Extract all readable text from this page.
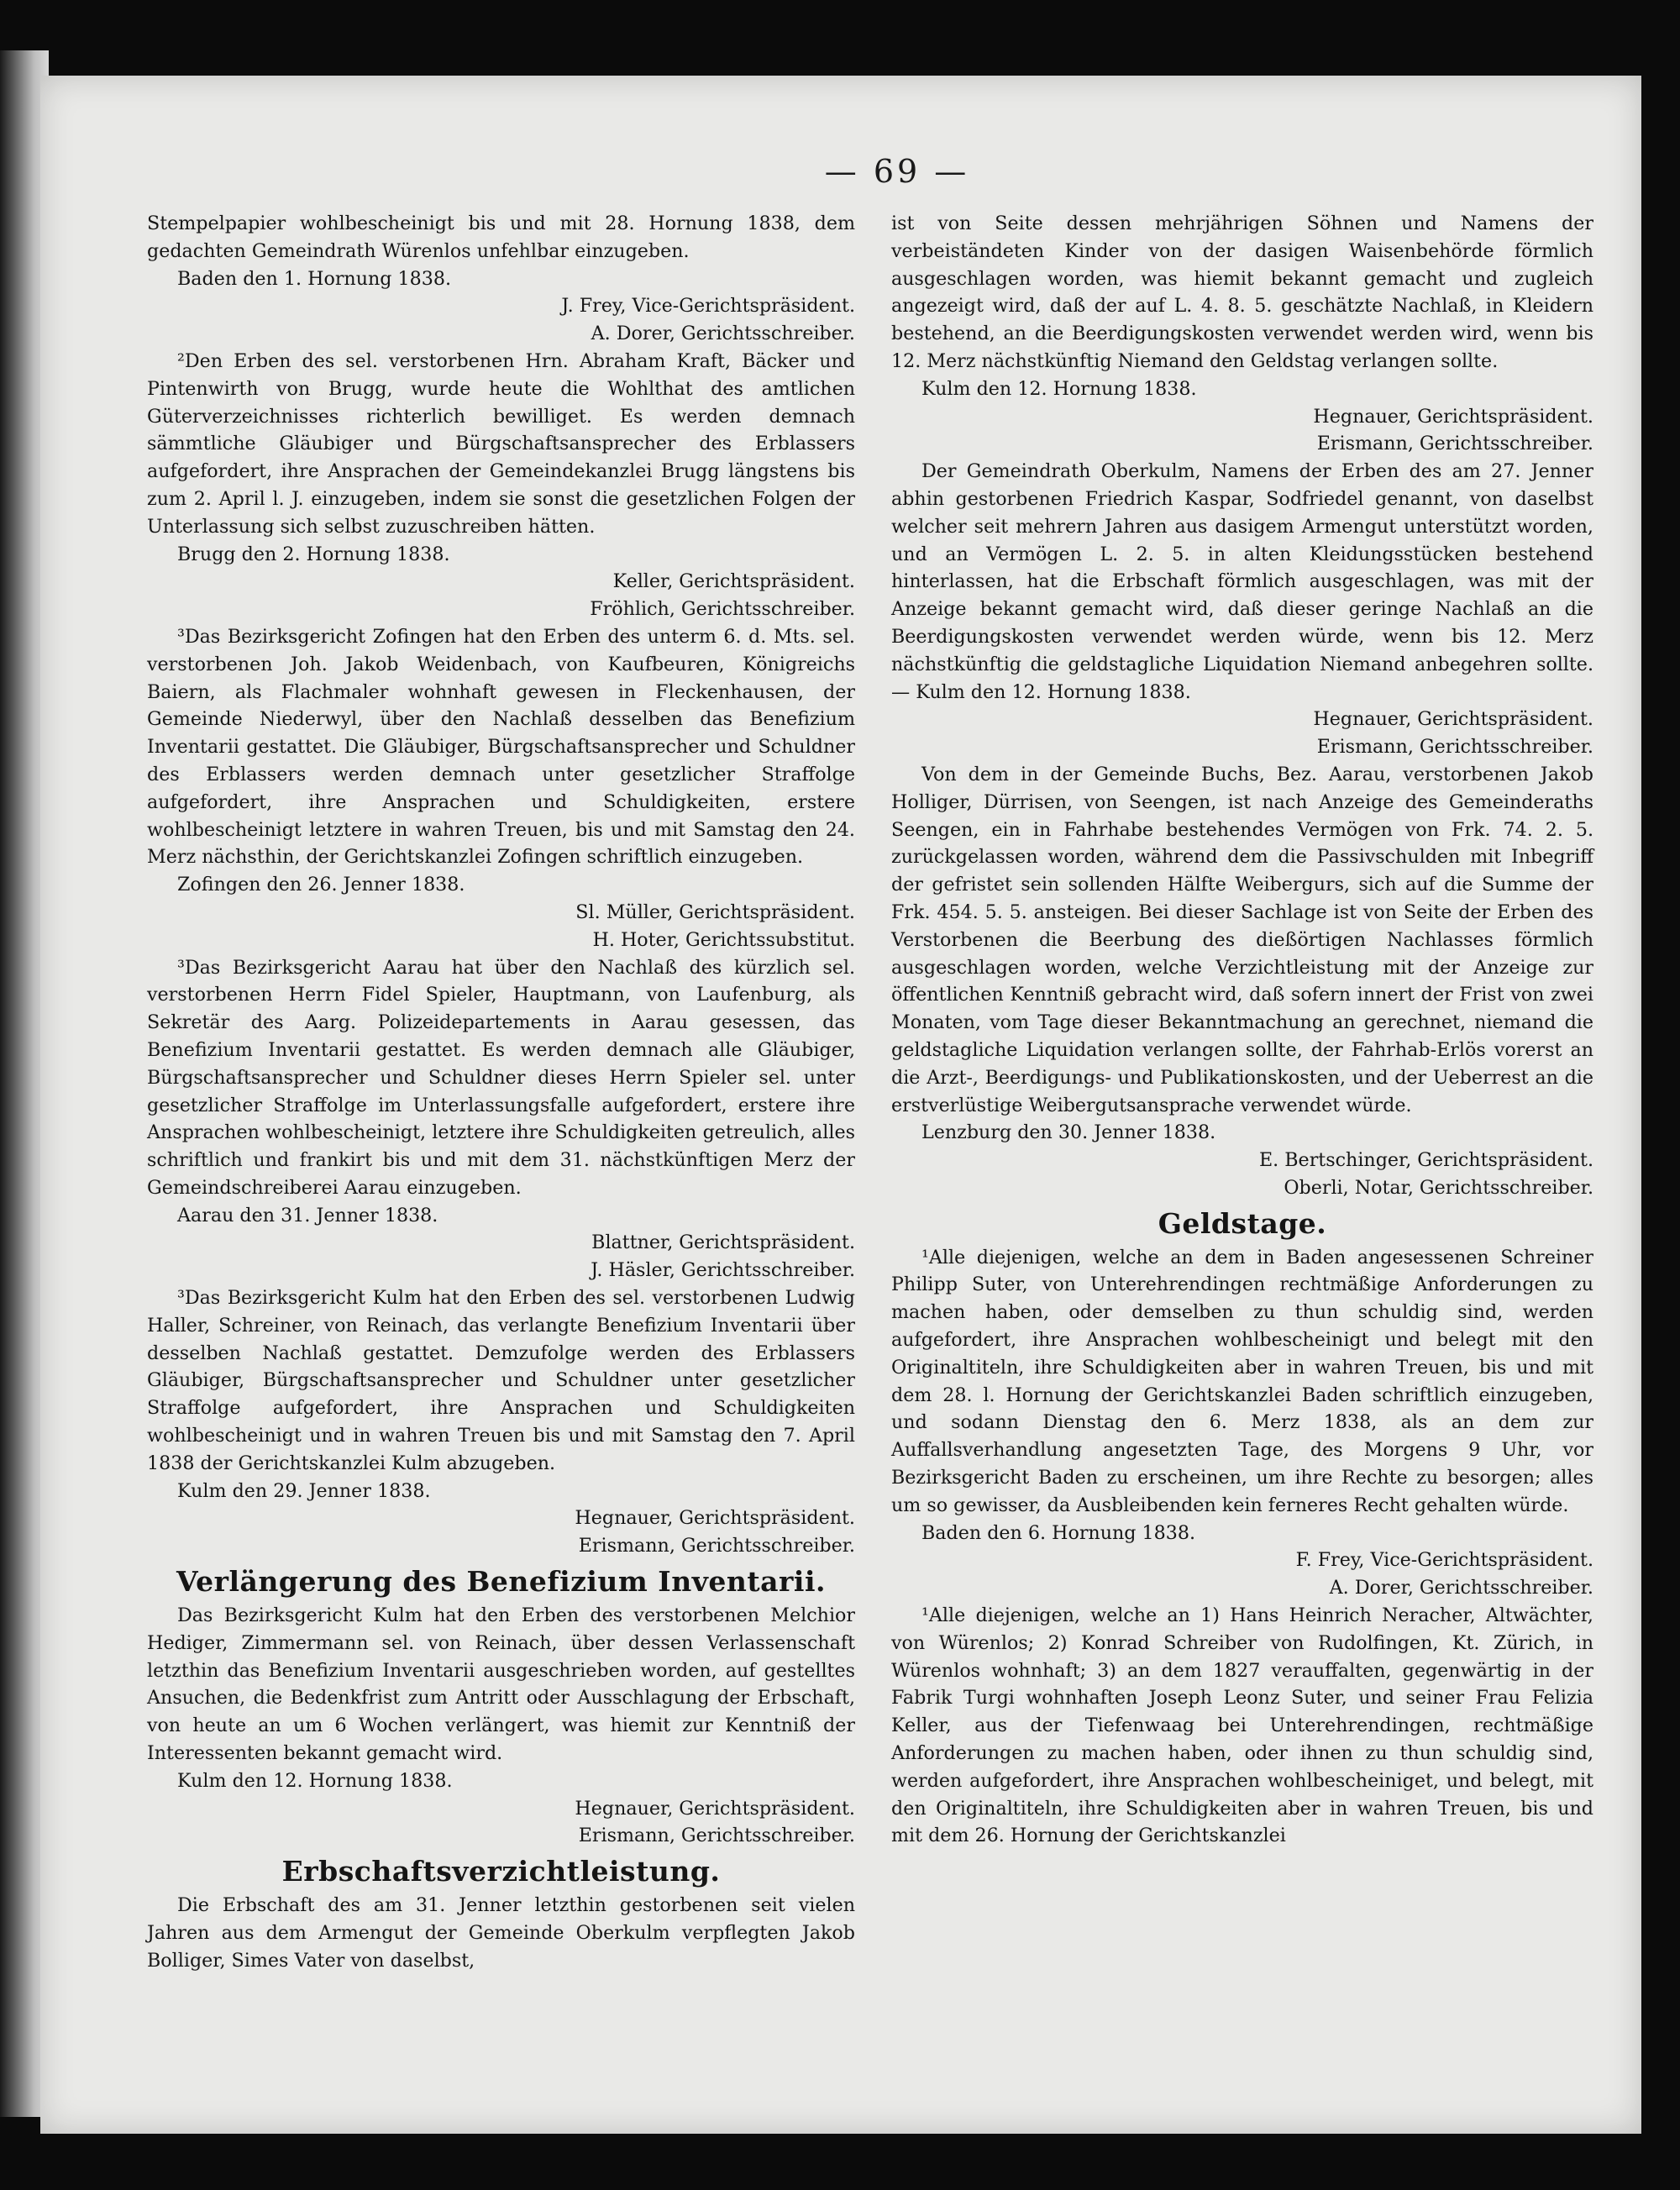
— 69 —

Stempelpapier wohlbescheinigt bis und mit 28. Hornung 1838, dem gedachten Gemeindrath Würenlos unfehlbar einzugeben.

Baden den 1. Hornung 1838.

J. Frey, Vice-Gerichtspräsident.

A. Dorer, Gerichtsschreiber.

²Den Erben des sel. verstorbenen Hrn. Abraham Kraft, Bäcker und Pintenwirth von Brugg, wurde heute die Wohlthat des amtlichen Güterverzeichnisses richterlich bewilliget. Es werden demnach sämmtliche Gläubiger und Bürgschaftsansprecher des Erblassers aufgefordert, ihre Ansprachen der Gemeindekanzlei Brugg längstens bis zum 2. April l. J. einzugeben, indem sie sonst die gesetzlichen Folgen der Unterlassung sich selbst zuzuschreiben hätten.

Brugg den 2. Hornung 1838.

Keller, Gerichtspräsident.

Fröhlich, Gerichtsschreiber.

³Das Bezirksgericht Zofingen hat den Erben des unterm 6. d. Mts. sel. verstorbenen Joh. Jakob Weidenbach, von Kaufbeuren, Königreichs Baiern, als Flachmaler wohnhaft gewesen in Fleckenhausen, der Gemeinde Niederwyl, über den Nachlaß desselben das Benefizium Inventarii gestattet. Die Gläubiger, Bürgschaftsansprecher und Schuldner des Erblassers werden demnach unter gesetzlicher Straffolge aufgefordert, ihre Ansprachen und Schuldigkeiten, erstere wohlbescheinigt letztere in wahren Treuen, bis und mit Samstag den 24. Merz nächsthin, der Gerichtskanzlei Zofingen schriftlich einzugeben.

Zofingen den 26. Jenner 1838.

Sl. Müller, Gerichtspräsident.

H. Hoter, Gerichtssubstitut.

³Das Bezirksgericht Aarau hat über den Nachlaß des kürzlich sel. verstorbenen Herrn Fidel Spieler, Hauptmann, von Laufenburg, als Sekretär des Aarg. Polizeidepartements in Aarau gesessen, das Benefizium Inventarii gestattet. Es werden demnach alle Gläubiger, Bürgschaftsansprecher und Schuldner dieses Herrn Spieler sel. unter gesetzlicher Straffolge im Unterlassungsfalle aufgefordert, erstere ihre Ansprachen wohlbescheinigt, letztere ihre Schuldigkeiten getreulich, alles schriftlich und frankirt bis und mit dem 31. nächstkünftigen Merz der Gemeindschreiberei Aarau einzugeben.

Aarau den 31. Jenner 1838.

Blattner, Gerichtspräsident.

J. Häsler, Gerichtsschreiber.

³Das Bezirksgericht Kulm hat den Erben des sel. verstorbenen Ludwig Haller, Schreiner, von Reinach, das verlangte Benefizium Inventarii über desselben Nachlaß gestattet. Demzufolge werden des Erblassers Gläubiger, Bürgschaftsansprecher und Schuldner unter gesetzlicher Straffolge aufgefordert, ihre Ansprachen und Schuldigkeiten wohlbescheinigt und in wahren Treuen bis und mit Samstag den 7. April 1838 der Gerichtskanzlei Kulm abzugeben.

Kulm den 29. Jenner 1838.

Hegnauer, Gerichtspräsident.

Erismann, Gerichtsschreiber.

Verlängerung des Benefizium Inventarii.

Das Bezirksgericht Kulm hat den Erben des verstorbenen Melchior Hediger, Zimmermann sel. von Reinach, über dessen Verlassenschaft letzthin das Benefizium Inventarii ausgeschrieben worden, auf gestelltes Ansuchen, die Bedenkfrist zum Antritt oder Ausschlagung der Erbschaft, von heute an um 6 Wochen verlängert, was hiemit zur Kenntniß der Interessenten bekannt gemacht wird.

Kulm den 12. Hornung 1838.

Hegnauer, Gerichtspräsident.

Erismann, Gerichtsschreiber.

Erbschaftsverzichtleistung.

Die Erbschaft des am 31. Jenner letzthin gestorbenen seit vielen Jahren aus dem Armengut der Gemeinde Oberkulm verpflegten Jakob Bolliger, Simes Vater von daselbst,

ist von Seite dessen mehrjährigen Söhnen und Namens der verbeiständeten Kinder von der dasigen Waisenbehörde förmlich ausgeschlagen worden, was hiemit bekannt gemacht und zugleich angezeigt wird, daß der auf L. 4. 8. 5. geschätzte Nachlaß, in Kleidern bestehend, an die Beerdigungskosten verwendet werden wird, wenn bis 12. Merz nächstkünftig Niemand den Geldstag verlangen sollte.

Kulm den 12. Hornung 1838.

Hegnauer, Gerichtspräsident.

Erismann, Gerichtsschreiber.

Der Gemeindrath Oberkulm, Namens der Erben des am 27. Jenner abhin gestorbenen Friedrich Kaspar, Sodfriedel genannt, von daselbst welcher seit mehrern Jahren aus dasigem Armengut unterstützt worden, und an Vermögen L. 2. 5. in alten Kleidungsstücken bestehend hinterlassen, hat die Erbschaft förmlich ausgeschlagen, was mit der Anzeige bekannt gemacht wird, daß dieser geringe Nachlaß an die Beerdigungskosten verwendet werden würde, wenn bis 12. Merz nächstkünftig die geldstagliche Liquidation Niemand anbegehren sollte. — Kulm den 12. Hornung 1838.

Hegnauer, Gerichtspräsident.

Erismann, Gerichtsschreiber.

Von dem in der Gemeinde Buchs, Bez. Aarau, verstorbenen Jakob Holliger, Dürrisen, von Seengen, ist nach Anzeige des Gemeinderaths Seengen, ein in Fahrhabe bestehendes Vermögen von Frk. 74. 2. 5. zurückgelassen worden, während dem die Passivschulden mit Inbegriff der gefristet sein sollenden Hälfte Weibergurs, sich auf die Summe der Frk. 454. 5. 5. ansteigen. Bei dieser Sachlage ist von Seite der Erben des Verstorbenen die Beerbung des dießörtigen Nachlasses förmlich ausgeschlagen worden, welche Verzichtleistung mit der Anzeige zur öffentlichen Kenntniß gebracht wird, daß sofern innert der Frist von zwei Monaten, vom Tage dieser Bekanntmachung an gerechnet, niemand die geldstagliche Liquidation verlangen sollte, der Fahrhab-Erlös vorerst an die Arzt-, Beerdigungs- und Publikationskosten, und der Ueberrest an die erstverlüstige Weibergutsansprache verwendet würde.

Lenzburg den 30. Jenner 1838.

E. Bertschinger, Gerichtspräsident.

Oberli, Notar, Gerichtsschreiber.

Geldstage.

¹Alle diejenigen, welche an dem in Baden angesessenen Schreiner Philipp Suter, von Unterehrendingen rechtmäßige Anforderungen zu machen haben, oder demselben zu thun schuldig sind, werden aufgefordert, ihre Ansprachen wohlbescheinigt und belegt mit den Originaltiteln, ihre Schuldigkeiten aber in wahren Treuen, bis und mit dem 28. l. Hornung der Gerichtskanzlei Baden schriftlich einzugeben, und sodann Dienstag den 6. Merz 1838, als an dem zur Auffallsverhandlung angesetzten Tage, des Morgens 9 Uhr, vor Bezirksgericht Baden zu erscheinen, um ihre Rechte zu besorgen; alles um so gewisser, da Ausbleibenden kein ferneres Recht gehalten würde.

Baden den 6. Hornung 1838.

F. Frey, Vice-Gerichtspräsident.

A. Dorer, Gerichtsschreiber.

¹Alle diejenigen, welche an 1) Hans Heinrich Neracher, Altwächter, von Würenlos; 2) Konrad Schreiber von Rudolfingen, Kt. Zürich, in Würenlos wohnhaft; 3) an dem 1827 verauffalten, gegenwärtig in der Fabrik Turgi wohnhaften Joseph Leonz Suter, und seiner Frau Felizia Keller, aus der Tiefenwaag bei Unterehrendingen, rechtmäßige Anforderungen zu machen haben, oder ihnen zu thun schuldig sind, werden aufgefordert, ihre Ansprachen wohlbescheiniget, und belegt, mit den Originaltiteln, ihre Schuldigkeiten aber in wahren Treuen, bis und mit dem 26. Hornung der Gerichtskanzlei
